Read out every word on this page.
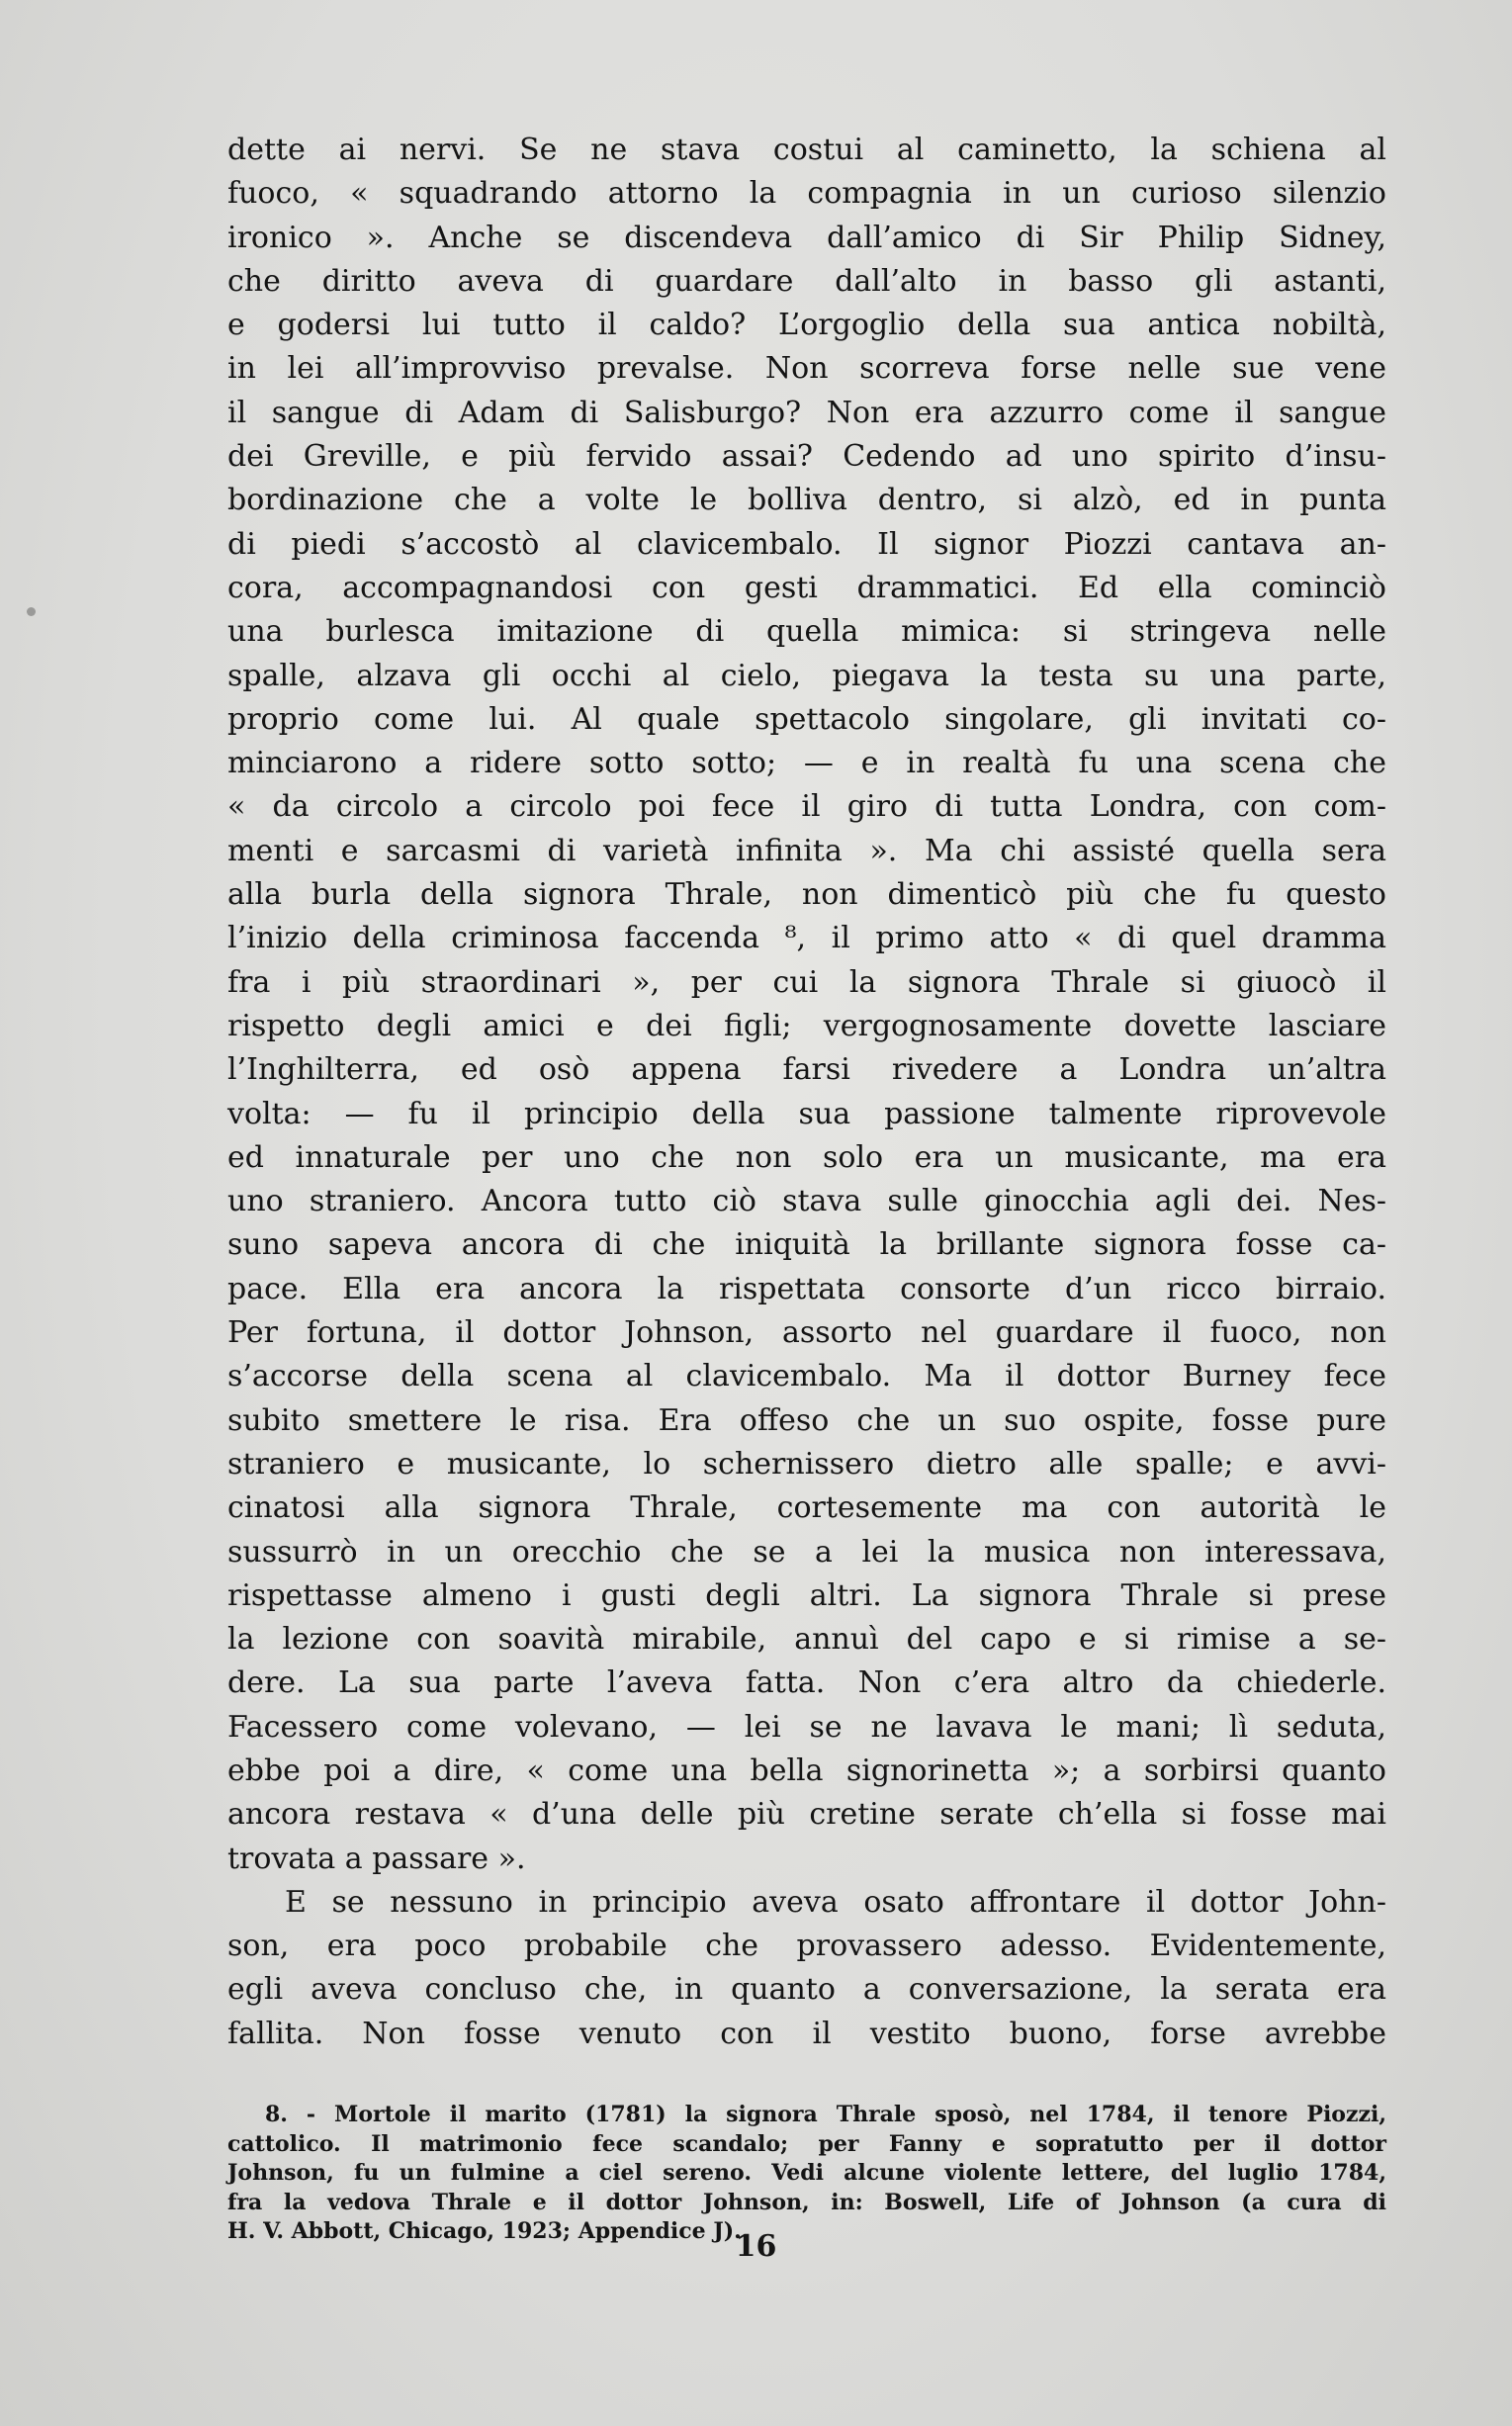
dette ai nervi. Se ne stava costui al caminetto, la schiena al
fuoco, « squadrando attorno la compagnia in un curioso silenzio
ironico ». Anche se discendeva dall’amico di Sir Philip Sidney,
che diritto aveva di guardare dall’alto in basso gli astanti,
e godersi lui tutto il caldo? L’orgoglio della sua antica nobiltà,
in lei all’improvviso prevalse. Non scorreva forse nelle sue vene
il sangue di Adam di Salisburgo? Non era azzurro come il sangue
dei Greville, e più fervido assai? Cedendo ad uno spirito d’insu-
bordinazione che a volte le bolliva dentro, si alzò, ed in punta
di piedi s’accostò al clavicembalo. Il signor Piozzi cantava an-
cora, accompagnandosi con gesti drammatici. Ed ella cominciò
una burlesca imitazione di quella mimica: si stringeva nelle
spalle, alzava gli occhi al cielo, piegava la testa su una parte,
proprio come lui. Al quale spettacolo singolare, gli invitati co-
minciarono a ridere sotto sotto; — e in realtà fu una scena che
« da circolo a circolo poi fece il giro di tutta Londra, con com-
menti e sarcasmi di varietà infinita ». Ma chi assisté quella sera
alla burla della signora Thrale, non dimenticò più che fu questo
l’inizio della criminosa faccenda ⁸, il primo atto « di quel dramma
fra i più straordinari », per cui la signora Thrale si giuocò il
rispetto degli amici e dei figli; vergognosamente dovette lasciare
l’Inghilterra, ed osò appena farsi rivedere a Londra un’altra
volta: — fu il principio della sua passione talmente riprovevole
ed innaturale per uno che non solo era un musicante, ma era
uno straniero. Ancora tutto ciò stava sulle ginocchia agli dei. Nes-
suno sapeva ancora di che iniquità la brillante signora fosse ca-
pace. Ella era ancora la rispettata consorte d’un ricco birraio.
Per fortuna, il dottor Johnson, assorto nel guardare il fuoco, non
s’accorse della scena al clavicembalo. Ma il dottor Burney fece
subito smettere le risa. Era offeso che un suo ospite, fosse pure
straniero e musicante, lo schernissero dietro alle spalle; e avvi-
cinatosi alla signora Thrale, cortesemente ma con autorità le
sussurrò in un orecchio che se a lei la musica non interessava,
rispettasse almeno i gusti degli altri. La signora Thrale si prese
la lezione con soavità mirabile, annuì del capo e si rimise a se-
dere. La sua parte l’aveva fatta. Non c’era altro da chiederle.
Facessero come volevano, — lei se ne lavava le mani; lì seduta,
ebbe poi a dire, « come una bella signorinetta »; a sorbirsi quanto
ancora restava « d’una delle più cretine serate ch’ella si fosse mai
trovata a passare ».
E se nessuno in principio aveva osato affrontare il dottor John-
son, era poco probabile che provassero adesso. Evidentemente,
egli aveva concluso che, in quanto a conversazione, la serata era
fallita. Non fosse venuto con il vestito buono, forse avrebbe
8. - Mortole il marito (1781) la signora Thrale sposò, nel 1784, il tenore Piozzi,
cattolico. Il matrimonio fece scandalo; per Fanny e sopratutto per il dottor
Johnson, fu un fulmine a ciel sereno. Vedi alcune violente lettere, del luglio 1784,
fra la vedova Thrale e il dottor Johnson, in: Boswell, Life of Johnson (a cura di
H. V. Abbott, Chicago, 1923; Appendice J).
16
